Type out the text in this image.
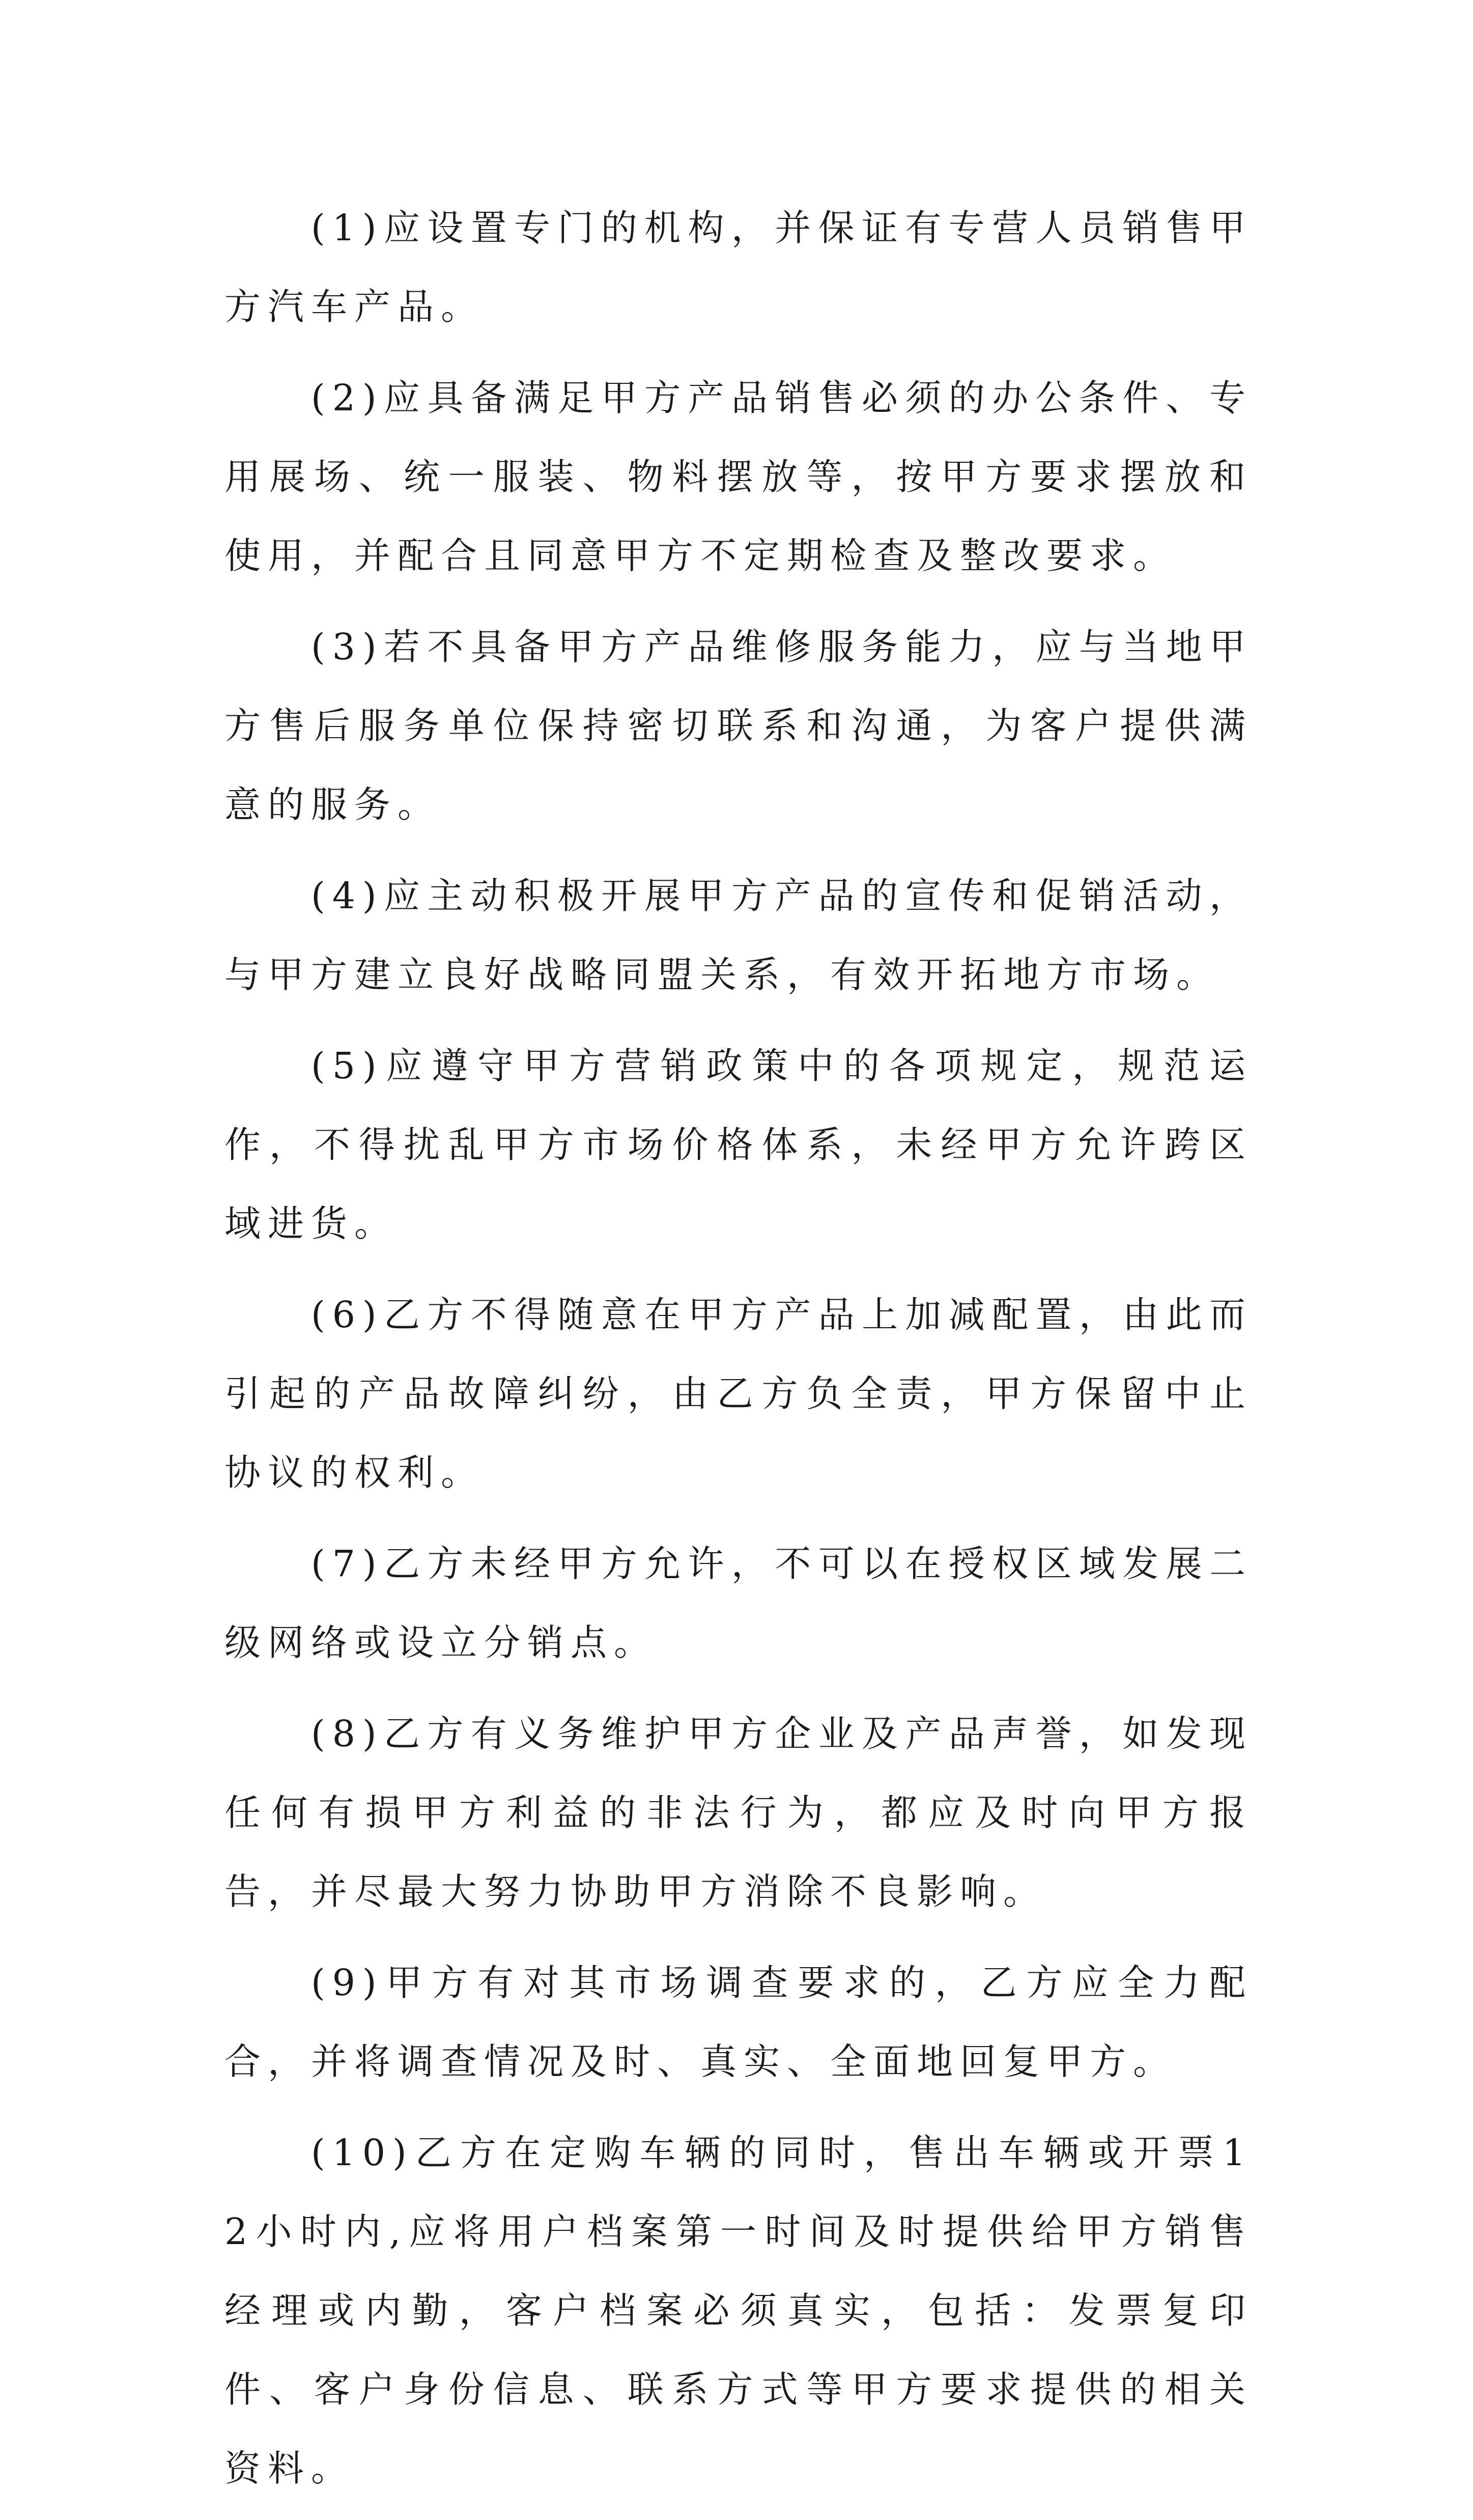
(1)应设置专门的机构，并保证有专营人员销售甲方汽车产品。

(2)应具备满足甲方产品销售必须的办公条件、专用展场、统一服装、物料摆放等，按甲方要求摆放和使用，并配合且同意甲方不定期检查及整改要求。

(3)若不具备甲方产品维修服务能力，应与当地甲方售后服务单位保持密切联系和沟通，为客户提供满意的服务。

(4)应主动积极开展甲方产品的宣传和促销活动，与甲方建立良好战略同盟关系，有效开拓地方市场。

(5)应遵守甲方营销政策中的各项规定，规范运作，不得扰乱甲方市场价格体系，未经甲方允许跨区域进货。

(6)乙方不得随意在甲方产品上加减配置，由此而引起的产品故障纠纷，由乙方负全责，甲方保留中止协议的权利。

(7)乙方未经甲方允许，不可以在授权区域发展二级网络或设立分销点。

(8)乙方有义务维护甲方企业及产品声誉，如发现任何有损甲方利益的非法行为，都应及时向甲方报告，并尽最大努力协助甲方消除不良影响。

(9)甲方有对其市场调查要求的，乙方应全力配合，并将调查情况及时、真实、全面地回复甲方。

(10)乙方在定购车辆的同时，售出车辆或开票12小时内,应将用户档案第一时间及时提供给甲方销售经理或内勤，客户档案必须真实，包括：发票复印件、客户身份信息、联系方式等甲方要求提供的相关资料。
